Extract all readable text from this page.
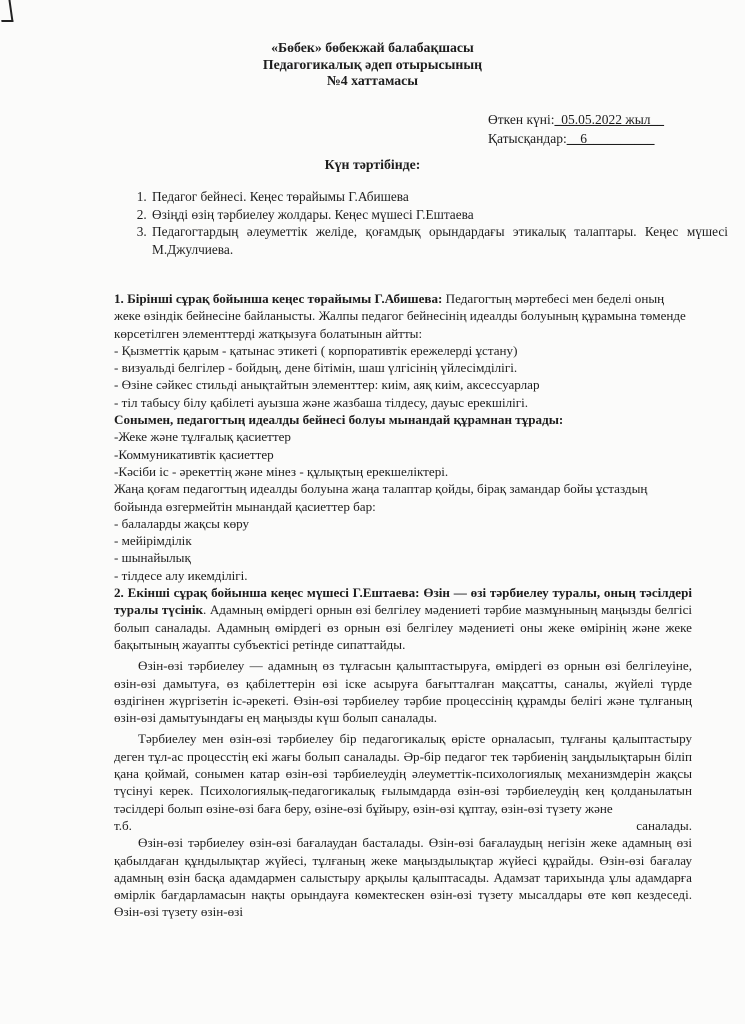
«Бөбек» бөбекжай балабақшасы
Педагогикалық әдеп отырысының
№4 хаттамасы
Өткен күні:_05.05.2022 жыл__
Қатысқандар:__6__________
Күн тәртібінде:
1. Педагог бейнесі. Кеңес төрайымы Г.Абишева
2. Өзіңді өзің тәрбиелеу жолдары. Кеңес мүшесі Г.Ештаева
3. Педагогтардың әлеуметтік желіде, қоғамдық орындардағы этикалық талаптары. Кеңес мүшесі М.Джулчиева.

1. Бірінші сұрақ бойынша кеңес төрайымы Г.Абишева: Педагогтың мәртебесі мен беделі оның жеке өзіндік бейнесіне байланысты. Жалпы педагог бейнесінің идеалды болуының құрамына төменде көрсетілген элементтерді жатқызуға болатынын айтты:

- Қызметтік қарым - қатынас этикеті ( корпоративтік ережелерді ұстану)

- визуальді белгілер - бойдың, дене бітімін, шаш үлгісінің үйлесімділігі.

- Өзіне сәйкес стильді анықтайтын элементтер: киім, аяқ киім, аксессуарлар

- тіл табысу білу қабілеті ауызша және жазбаша тілдесу, дауыс ерекшілігі.

Сонымен, педагогтың идеалды бейнесі болуы мынандай құрамнан тұрады:

-Жеке және тұлғалық қасиеттер

-Коммуникативтік қасиеттер

-Кәсіби іс - әрекеттің және мінез - құлықтың ерекшеліктері.

Жаңа қоғам педагогтың идеалды болуына жаңа талаптар қойды, бірақ замандар бойы ұстаздың бойында өзгермейтін мынандай қасиеттер бар:

- балаларды жақсы көру

- мейірімділік

- шынайылық

- тілдесе алу икемділігі.

2. Екінші сұрақ бойынша кеңес мүшесі Г.Ештаева: Өзін — өзі тәрбиелеу туралы, оның тәсілдері туралы түсінік. Адамның өмірдегі орнын өзі белгілеу мәдениеті тәрбие мазмұнының маңызды белгісі болып саналады. Адамның өмірдегі өз орнын өзі белгілеу мәдениеті оны жеке өмірінің және жеке бақытының жауапты субъектісі ретінде сипаттайды.

Өзін-өзі тәрбиелеу — адамның өз тұлғасын қалыптастыруға, өмірдегі өз орнын өзі белгілеуіне, өзін-өзі дамытуға, өз қабілеттерін өзі іске асыруға бағытталған мақсатты, саналы, жүйелі түрде өздігінен жүргізетін іс-әрекеті. Өзін-өзі тәрбиелеу тәрбие процессінің құрамды белігі және тұлғаның өзін-өзі дамытуындағы ең маңызды күш болып саналады.

Тәрбиелеу мен өзін-өзі тәрбиелеу бір педагогикалық өрісте орналасып, тұлғаны қалыптастыру деген тұл-ас процесстің екі жағы болып саналады. Әр-бір педагог тек тәрбиенің заңдылықтарын біліп қана қоймай, сонымен катар өзін-өзі тәрбиелеудің әлеуметтік-психологиялық механизмдерін жақсы түсінуі керек. Психологиялық-педагогикалық ғылымдарда өзін-өзі тәрбиелеудің кең қолданылатын тәсілдері болып өзіне-өзі баға беру, өзіне-өзі бұйыру, өзін-өзі құптау, өзін-өзі түзету және

т.б.	саналады.

Өзін-өзі тәрбиелеу өзін-өзі бағалаудан басталады. Өзін-өзі бағалаудың негізін жеке адамның өзі қабылдаған құндылықтар жүйесі, тұлғаның жеке маңыздылықтар жүйесі құрайды. Өзін-өзі бағалау адамның өзін басқа адамдармен салыстыру арқылы қалыптасады. Адамзат тарихында ұлы адамдарға өмірлік бағдарламасын нақты орындауға көмектескен өзін-өзі түзету мысалдары өте көп кездеседі. Өзін-өзі түзету өзін-өзі
